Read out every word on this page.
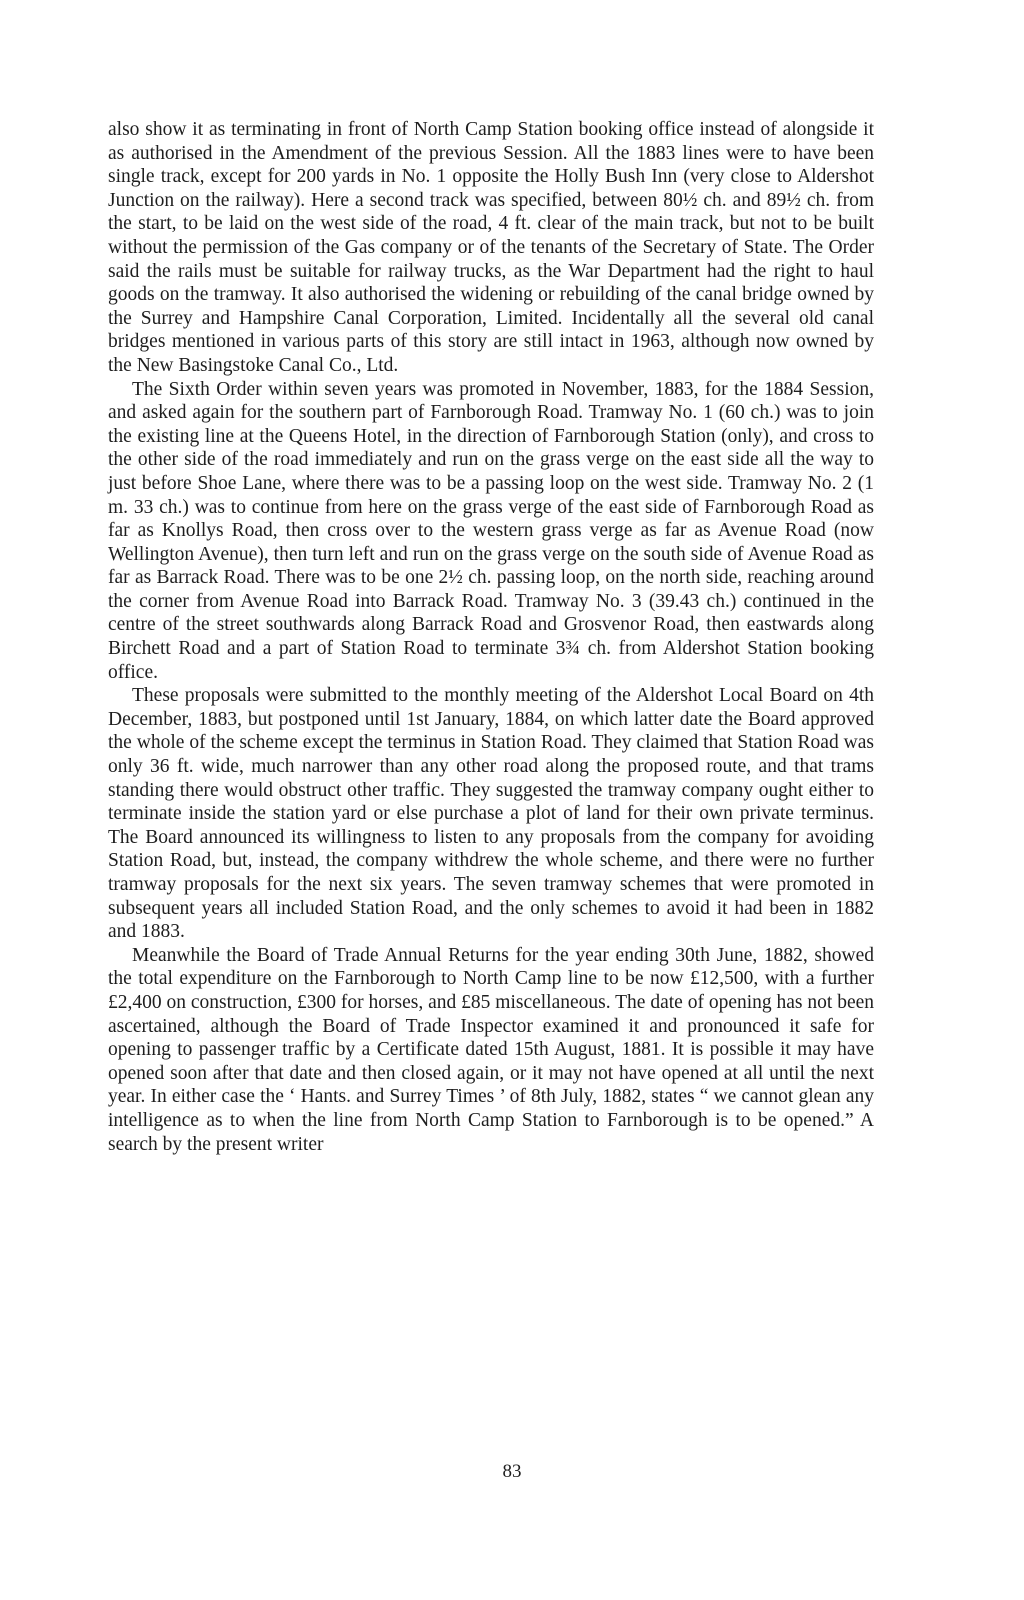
also show it as terminating in front of North Camp Station booking office instead of alongside it as authorised in the Amendment of the previous Session. All the 1883 lines were to have been single track, except for 200 yards in No. 1 opposite the Holly Bush Inn (very close to Aldershot Junction on the railway). Here a second track was specified, between 80½ ch. and 89½ ch. from the start, to be laid on the west side of the road, 4 ft. clear of the main track, but not to be built without the permission of the Gas company or of the tenants of the Secretary of State. The Order said the rails must be suitable for railway trucks, as the War Department had the right to haul goods on the tramway. It also authorised the widening or rebuilding of the canal bridge owned by the Surrey and Hampshire Canal Corporation, Limited. Incidentally all the several old canal bridges mentioned in various parts of this story are still intact in 1963, although now owned by the New Basingstoke Canal Co., Ltd.

The Sixth Order within seven years was promoted in November, 1883, for the 1884 Session, and asked again for the southern part of Farnborough Road. Tramway No. 1 (60 ch.) was to join the existing line at the Queens Hotel, in the direction of Farnborough Station (only), and cross to the other side of the road immediately and run on the grass verge on the east side all the way to just before Shoe Lane, where there was to be a passing loop on the west side. Tramway No. 2 (1 m. 33 ch.) was to continue from here on the grass verge of the east side of Farnborough Road as far as Knollys Road, then cross over to the western grass verge as far as Avenue Road (now Wellington Avenue), then turn left and run on the grass verge on the south side of Avenue Road as far as Barrack Road. There was to be one 2½ ch. passing loop, on the north side, reaching around the corner from Avenue Road into Barrack Road. Tramway No. 3 (39.43 ch.) continued in the centre of the street southwards along Barrack Road and Grosvenor Road, then eastwards along Birchett Road and a part of Station Road to terminate 3¾ ch. from Aldershot Station booking office.

These proposals were submitted to the monthly meeting of the Aldershot Local Board on 4th December, 1883, but postponed until 1st January, 1884, on which latter date the Board approved the whole of the scheme except the terminus in Station Road. They claimed that Station Road was only 36 ft. wide, much narrower than any other road along the proposed route, and that trams standing there would obstruct other traffic. They suggested the tramway company ought either to terminate inside the station yard or else purchase a plot of land for their own private terminus. The Board announced its willingness to listen to any proposals from the company for avoiding Station Road, but, instead, the company withdrew the whole scheme, and there were no further tramway proposals for the next six years. The seven tramway schemes that were promoted in subsequent years all included Station Road, and the only schemes to avoid it had been in 1882 and 1883.

Meanwhile the Board of Trade Annual Returns for the year ending 30th June, 1882, showed the total expenditure on the Farnborough to North Camp line to be now £12,500, with a further £2,400 on construction, £300 for horses, and £85 miscellaneous. The date of opening has not been ascertained, although the Board of Trade Inspector examined it and pronounced it safe for opening to passenger traffic by a Certificate dated 15th August, 1881. It is possible it may have opened soon after that date and then closed again, or it may not have opened at all until the next year. In either case the ‘ Hants. and Surrey Times ’ of 8th July, 1882, states “ we cannot glean any intelligence as to when the line from North Camp Station to Farnborough is to be opened.” A search by the present writer

83
